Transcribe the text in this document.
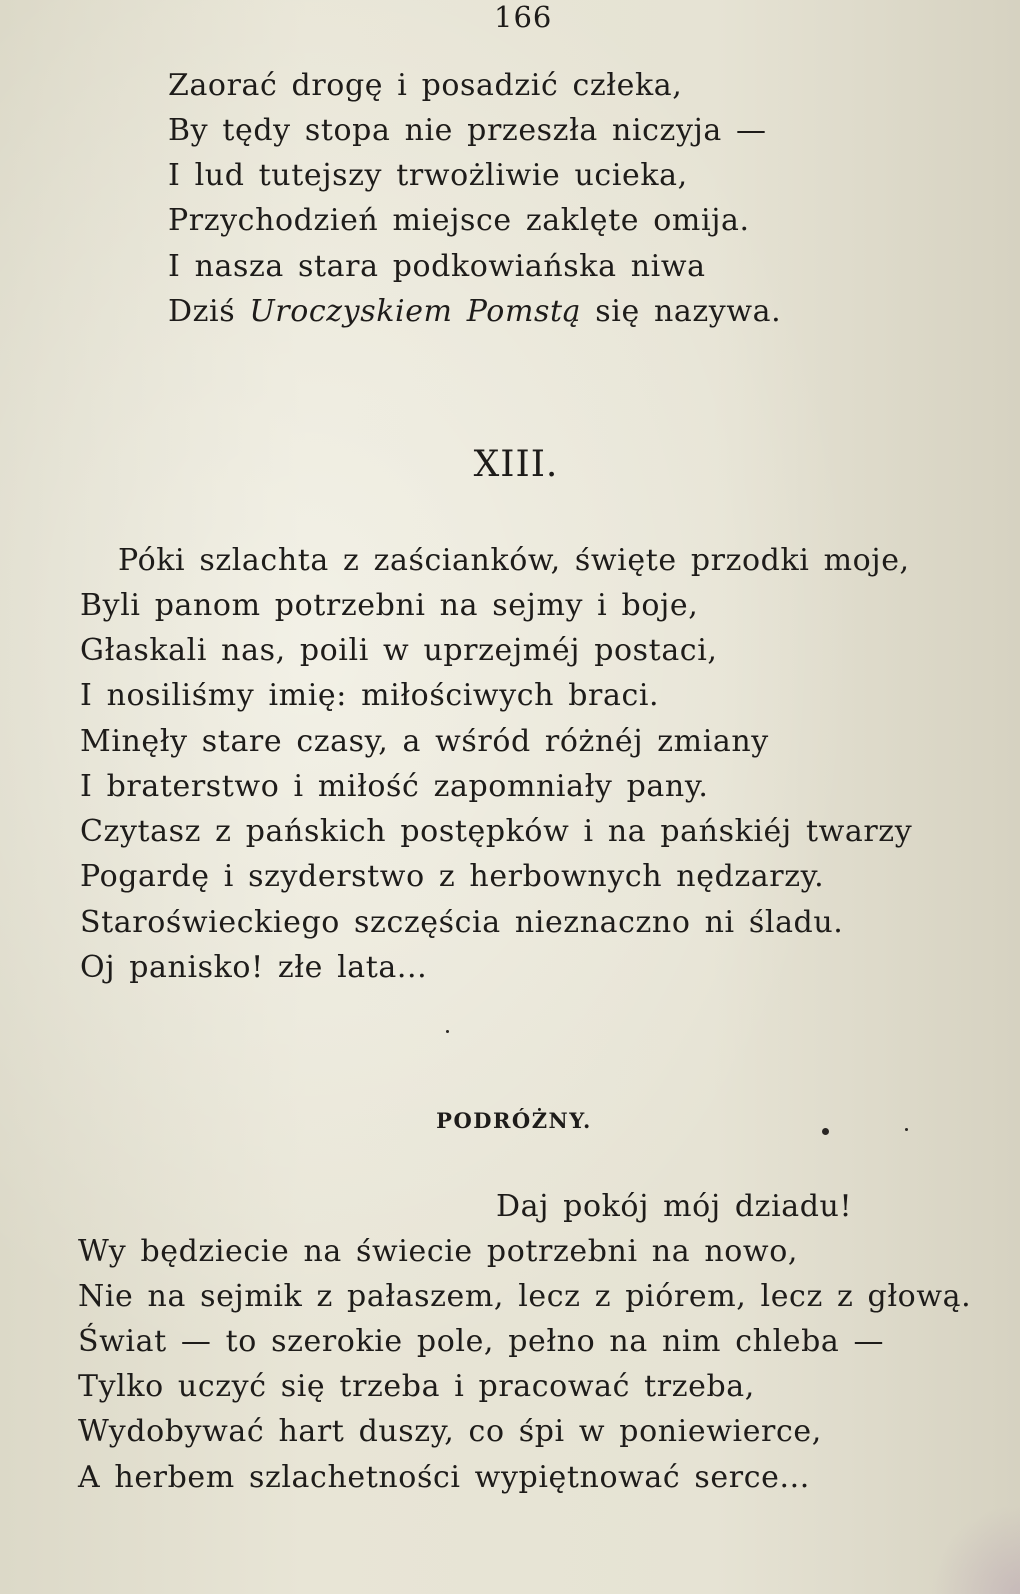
166
Zaorać drogę i posadzić człeka,
By tędy stopa nie przeszła niczyja —
I lud tutejszy trwożliwie ucieka,
Przychodzień miejsce zaklęte omija.
I nasza stara podkowiańska niwa
Dziś Uroczyskiem Pomstą się nazywa.
XIII.
Póki szlachta z zaścianków, święte przodki moje,
Byli panom potrzebni na sejmy i boje,
Głaskali nas, poili w uprzejméj postaci,
I nosiliśmy imię: miłościwych braci.
Minęły stare czasy, a wśród różnéj zmiany
I braterstwo i miłość zapomniały pany.
Czytasz z pańskich postępków i na pańskiéj twarzy
Pogardę i szyderstwo z herbownych nędzarzy.
Staroświeckiego szczęścia nieznaczno ni śladu.
Oj panisko! złe lata...
PODRÓŻNY.
Daj pokój mój dziadu!
Wy będziecie na świecie potrzebni na nowo,
Nie na sejmik z pałaszem, lecz z piórem, lecz z głową.
Świat — to szerokie pole, pełno na nim chleba —
Tylko uczyć się trzeba i pracować trzeba,
Wydobywać hart duszy, co śpi w poniewierce,
A herbem szlachetności wypiętnować serce...
